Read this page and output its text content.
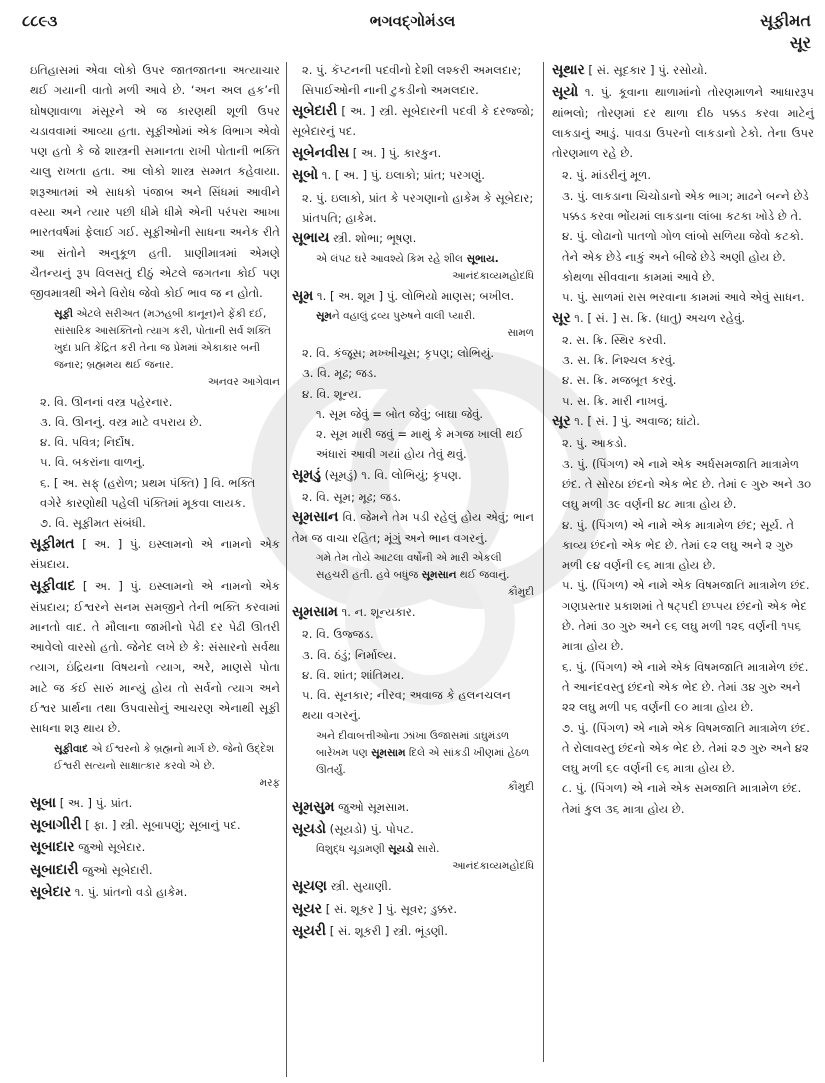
૮૮૯૩	ભગવદ્ગોમંડલ	સૂફીમત
સૂર

ઇતિહાસમાં એવા લોકો ઉપર જાતજાતના અત્યાચાર થઈ ગયાની વાતો મળી આવે છે. ‘અન અલ હક’ની ઘોષણાવાળા મંસૂરને એ જ કારણથી શૂળી ઉપર ચડાવવામાં આવ્યા હતા. સૂફીઓમાં એક વિભાગ એવો પણ હતો કે જે શાસ્ત્રની સમાનતા રાખી પોતાની ભક્તિ ચાલુ રાખતા હતા. આ લોકો શાસ્ત્ર સમ્મત કહેવાયા. શરૂઆતમાં એ સાધકો પંજાબ અને સિંધમાં આવીને વસ્યા અને ત્યાર પછી ધીમે ધીમે એની પરંપરા આખા ભારતવર્ષમાં ફેલાઈ ગઈ. સૂફીઓની સાધના અનેક રીતે આ સંતોને અનુકૂળ હતી. પ્રાણીમાત્રમાં એમણે ચૈતન્યનું રૂપ વિલસતું દીઠું એટલે જગતના કોઈ પણ જીવમાત્રથી એને વિરોધ જેવો કોઈ ભાવ જ ન હોતો.

સૂફી એટલે સરીઅત (મઝહબી કાનૂન)ને ફેંકી દઈ, સાંસારિક આસક્તિનો ત્યાગ કરી, પોતાની સર્વ શક્તિ ખુદા પ્રતિ કેંદ્રિત કરી તેના જ પ્રેમમાં એકાકાર બની જનાર; બ્રહ્મમય થઈ જનાર.
અનવર આગેવાન

૨. વિ. ઊનનાં વસ્ત્ર પહેરનાર.

૩. વિ. ઊનનું. વસ્ત્ર માટે વપરાય છે.

૪. વિ. પવિત્ર; નિર્દોષ.

૫. વિ. બકરાંના વાળનું.

૬. [ અ. સફ્ (હરોળ; પ્રથમ પંક્તિ) ] વિ. ભક્તિ વગેરે કારણોથી પહેલી પંક્તિમાં મૂકવા લાયક.

૭. વિ. સૂફીમત સંબંધી.

સૂફીમત [ અ. ] પું. ઇસ્લામનો એ નામનો એક સંપ્રદાય.

સૂફીવાદ [ અ. ] પું. ઇસ્લામનો એ નામનો એક સંપ્રદાય; ઈશ્વરને સનમ સમજીને તેની ભક્તિ કરવામાં માનતો વાદ. તે મૌલાના જામીનો પેઢી દર પેઢી ઊતરી આવેલો વારસો હતો. જેનેદ લખે છે કે: સંસારનો સર્વથા ત્યાગ, ઇંદ્રિયના વિષયનો ત્યાગ, અરે, માણસે પોતા માટે જ કંઈ સારું માન્યું હોય તો સર્વનો ત્યાગ અને ઈશ્વર પ્રાર્થના તથા ઉપવાસોનું આચરણ એનાથી સૂફી સાધના શરૂ થાય છે.

સૂફીવાદ એ ઈશ્વરનો કે બ્રહ્મનો માર્ગ છે. જેનો ઉદ્દેશ ઈશ્વરી સત્યનો સાક્ષાત્કાર કરવો એ છે.
મરફ

સૂબા [ અ. ] પું. પ્રાંત.

સૂબાગીરી [ ફા. ] સ્ત્રી. સૂબાપણું; સૂબાનું પદ.

સૂબાદાર જુઓ સૂબેદાર.

સૂબાદારી જુઓ સૂબેદારી.

સૂબેદાર ૧. પું. પ્રાંતનો વડો હાકેમ.

૨. પું. કૅપ્ટનની પદવીનો દેશી લશ્કરી અમલદાર; સિપાઈઓની નાની ટુકડીનો અમલદાર.

સૂબેદારી [ અ. ] સ્ત્રી. સૂબેદારની પદવી કે દરજ્જો; સૂબેદારનું પદ.

સૂબેનવીસ [ અ. ] પું. કારકુન.

સૂબો ૧. [ અ. ] પું. ઇલાકો; પ્રાંત; પરગણું.

૨. પું. ઇલાકો, પ્રાંત કે પરગણાનો હાકેમ કે સૂબેદાર; પ્રાંતપતિ; હાકેમ.

સૂભાય સ્ત્રી. શોભા; ભૂષણ.

એ લંપટ ઘરે આવશ્યે કિમ રહે શીલ સૂભાય.
આનંદકાવ્યમહોદધિ

સૂમ ૧. [ અ. શૂમ ] પું. લોભિયો માણસ; બખીલ.

સૂમને વહાલું દ્રવ્ય પુરુષને વાલી પ્યારી.
સામળ

૨. વિ. કંજૂસ; મખ્ખીચૂસ; કૃપણ; લોભિયું.

૩. વિ. મૂઢ; જડ.

૪. વિ. શૂન્ય.

૧. સૂમ જેવું = બોત જેવું; બાઘા જેવું.

૨. સૂમ મારી જવું = માથું કે મગજ ખાલી થઈ અંધારાં આવી ગયાં હોય તેવું થવું.

સૂમડું (સૂમડું) ૧. વિ. લોભિયું; કૃપણ.

૨. વિ. સૂમ; મૂઢ; જડ.

સૂમસાન વિ. જેમને તેમ પડી રહેલું હોય એવું; ભાન તેમ જ વાચા રહિત; મૂંગું અને ભાન વગરનું.

ગમે તેમ તોયે આટલા વર્ષોની એ મારી એકલી સહચરી હતી. હવે બધુંજ સૂમસાન થઈ જવાનું.
કૌમુદી

સૂમસામ ૧. ન. શૂન્યકાર.

૨. વિ. ઉજ્જડ.

૩. વિ. ઠંડું; નિર્માલ્ય.

૪. વિ. શાંત; શાંતિમય.

૫. વિ. સૂનકાર; નીરવ; અવાજ કે હલનચલન થયા વગરનું.

અને દીવાબત્તીઓના ઝાંખા ઉજાસમાં ડાઘુમંડળ બારેખમ પણ સૂમસામ દિલે એ સાંકડી ખીણમાં હેઠળ ઊતર્યું.
કૌમુદી

સૂમસુમ જુઓ સૂમસામ.

સૂયડો (સૂયડો) પું. પોપટ.

વિશુદ્ધ ચૂડામણી સૂયડો સારો.
આનંદકાવ્યમહોદધિ

સૂયણ સ્ત્રી. સુયાણી.

સૂયર [ સં. શૂકર ] પું. સૂવર; ડુક્કર.

સૂયરી [ સં. શૂકરી ] સ્ત્રી. ભૂંડણી.

સૂથાર [ સં. સૂદકાર ] પું. રસોયો.

સૂયો ૧. પું. કૂવાના થાળામાંનો તોરણમાળને આધારરૂપ થાંભલો; તોરણમાં દર થાળા દીઠ પક્કડ કરવા માટેનું લાકડાનું આડું. પાવડા ઉપરનો લાકડાનો ટેકો. તેના ઉપર તોરણમાળ રહે છે.

૨. પું. માંડરીનું મૂળ.

૩. પું. લાકડાના ચિચોડાનો એક ભાગ; માઢને બન્ને છેડે પક્કડ કરવા ભોંયમાં લાકડાના લાંબા કટકા ખોડે છે તે.

૪. પું. લોઢાનો પાતળો ગોળ લાંબો સળિયા જેવો કટકો. તેને એક છેડે નાકું અને બીજે છેડે અણી હોય છે. કોથળા સીવવાના કામમાં આવે છે.

૫. પું. સાળમાં રાસ ભરવાના કામમાં આવે એવું સાધન.

સૂર ૧. [ સં. ] સ. ક્રિ. (ધાતુ) અચળ રહેવું.

૨. સ. ક્રિ. સ્થિર કરવી.

૩. સ. ક્રિ. નિશ્ચલ કરવું.

૪. સ. ક્રિ. મજબૂત કરવું.

૫. સ. ક્રિ. મારી નાખવું.

સૂર ૧. [ સં. ] પું. અવાજ; ઘાંટો.

૨. પું. આકડો.

૩. પું. (પિંગળ) એ નામે એક અર્ધસમજાતિ માત્રામેળ છંદ. તે સોરઠા છંદનો એક ભેદ છે. તેમાં ૯ ગુરુ અને ૩૦ લઘુ મળી ૩૯ વર્ણની ૪૮ માત્રા હોય છે.

૪. પું. (પિંગળ) એ નામે એક માત્રામેળ છંદ; સૂર્ય. તે કાવ્ય છંદનો એક ભેદ છે. તેમાં ૯૨ લઘુ અને ૨ ગુરુ મળી ૯૪ વર્ણની ૯૬ માત્રા હોય છે.

૫. પું. (પિંગળ) એ નામે એક વિષમજાતિ માત્રામેળ છંદ. ગણપ્રસ્તાર પ્રકાશમાં તે ષટ્પદી છપ્પય છંદનો એક ભેદ છે. તેમાં ૩૦ ગુરુ અને ૯૬ લઘુ મળી ૧૨૬ વર્ણની ૧૫૬ માત્રા હોય છે.

૬. પું. (પિંગળ) એ નામે એક વિષમજાતિ માત્રામેળ છંદ. તે આનંદવસ્તુ છંદનો એક ભેદ છે. તેમાં ૩૪ ગુરુ અને ૨૨ લઘુ મળી ૫૬ વર્ણની ૯૦ માત્રા હોય છે.

૭. પું. (પિંગળ) એ નામે એક વિષમજાતિ માત્રામેળ છંદ. તે રોલાવસ્તુ છંદનો એક ભેદ છે. તેમાં ૨૭ ગુરુ અને ૪૨ લઘુ મળી ૬૯ વર્ણની ૯૬ માત્રા હોય છે.

૮. પું. (પિંગળ) એ નામે એક સમજાતિ માત્રામેળ છંદ. તેમાં કુલ ૩૬ માત્રા હોય છે.
